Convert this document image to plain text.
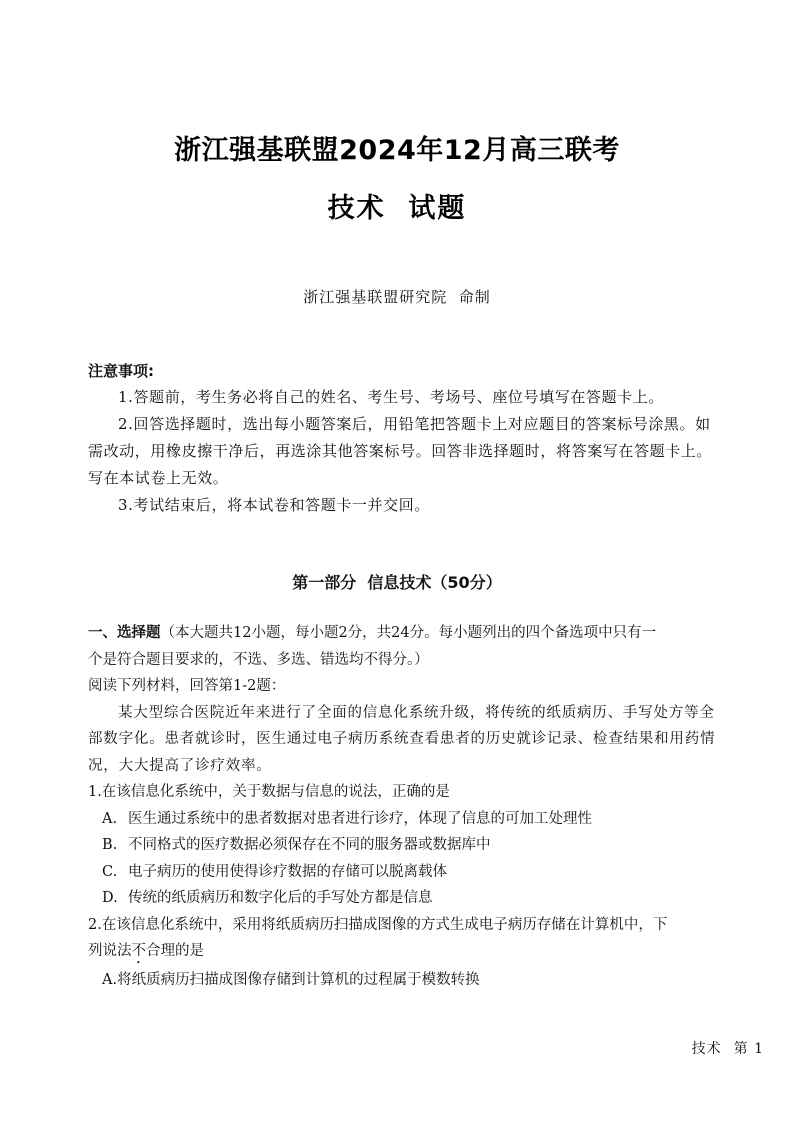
浙江强基联盟2024年12月高三联考
技术  试题
浙江强基联盟研究院  命制
注意事项:

1.答题前，考生务必将自己的姓名、考生号、考场号、座位号填写在答题卡上。

2.回答选择题时，选出每小题答案后，用铅笔把答题卡上对应题目的答案标号涂黑。如需改动，用橡皮擦干净后，再选涂其他答案标号。回答非选择题时，将答案写在答题卡上。写在本试卷上无效。

3.考试结束后，将本试卷和答题卡一并交回。

第一部分  信息技术（50分）
一、选择题（本大题共12小题，每小题2分，共24分。每小题列出的四个备选项中只有一
个是符合题目要求的，不选、多选、错选均不得分。）
阅读下列材料，回答第1-2题：
某大型综合医院近年来进行了全面的信息化系统升级，将传统的纸质病历、手写处方等全部数字化。患者就诊时，医生通过电子病历系统查看患者的历史就诊记录、检查结果和用药情况，大大提高了诊疗效率。
1.在该信息化系统中，关于数据与信息的说法，正确的是
A. 医生通过系统中的患者数据对患者进行诊疗，体现了信息的可加工处理性
B. 不同格式的医疗数据必须保存在不同的服务器或数据库中
C. 电子病历的使用使得诊疗数据的存储可以脱离载体
D. 传统的纸质病历和数字化后的手写处方都是信息
2.在该信息化系统中，采用将纸质病历扫描成图像的方式生成电子病历存储在计算机中，下
列说法不合理的是
A.将纸质病历扫描成图像存储到计算机的过程属于模数转换
技术 第 1
